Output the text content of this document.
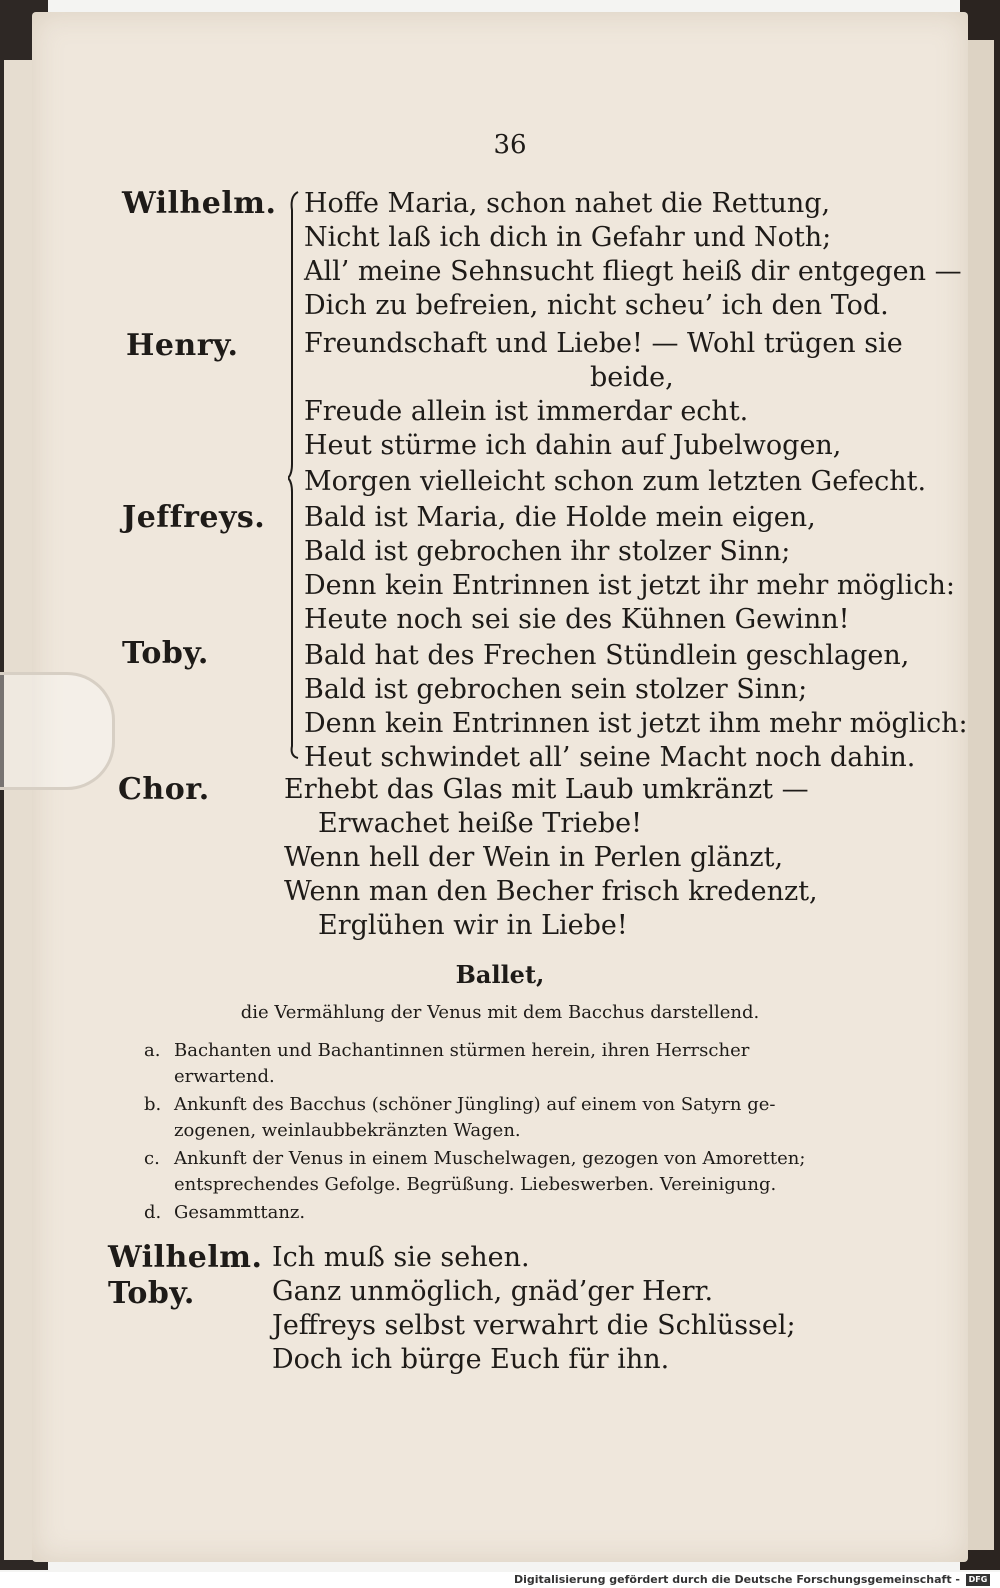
36
Wilhelm.
Henry.
Jeffreys.
Toby.
Chor.
Hoffe Maria, schon nahet die Rettung,
Nicht laß ich dich in Gefahr und Noth;
All’ meine Sehnsucht fliegt heiß dir entgegen —
Dich zu befreien, nicht scheu’ ich den Tod.
Freundschaft und Liebe! — Wohl trügen sie
beide,
Freude allein ist immerdar echt.
Heut stürme ich dahin auf Jubelwogen,
Morgen vielleicht schon zum letzten Gefecht.
Bald ist Maria, die Holde mein eigen,
Bald ist gebrochen ihr stolzer Sinn;
Denn kein Entrinnen ist jetzt ihr mehr möglich:
Heute noch sei sie des Kühnen Gewinn!
Bald hat des Frechen Stündlein geschlagen,
Bald ist gebrochen sein stolzer Sinn;
Denn kein Entrinnen ist jetzt ihm mehr möglich:
Heut schwindet all’ seine Macht noch dahin.
Erhebt das Glas mit Laub umkränzt —
Erwachet heiße Triebe!
Wenn hell der Wein in Perlen glänzt,
Wenn man den Becher frisch kredenzt,
Erglühen wir in Liebe!
Ballet,
die Vermählung der Venus mit dem Bacchus darstellend.
a. Bachanten und Bachantinnen stürmen herein, ihren Herrscher
erwartend.
b. Ankunft des Bacchus (schöner Jüngling) auf einem von Satyrn ge-
zogenen, weinlaubbekränzten Wagen.
c. Ankunft der Venus in einem Muschelwagen, gezogen von Amoretten;
entsprechendes Gefolge. Begrüßung. Liebeswerben. Vereinigung.
d. Gesammttanz.
Wilhelm.
Toby.
Ich muß sie sehen.
Ganz unmöglich, gnäd’ger Herr.
Jeffreys selbst verwahrt die Schlüssel;
Doch ich bürge Euch für ihn.
Digitalisierung gefördert durch die Deutsche Forschungsgemeinschaft -	DFG
